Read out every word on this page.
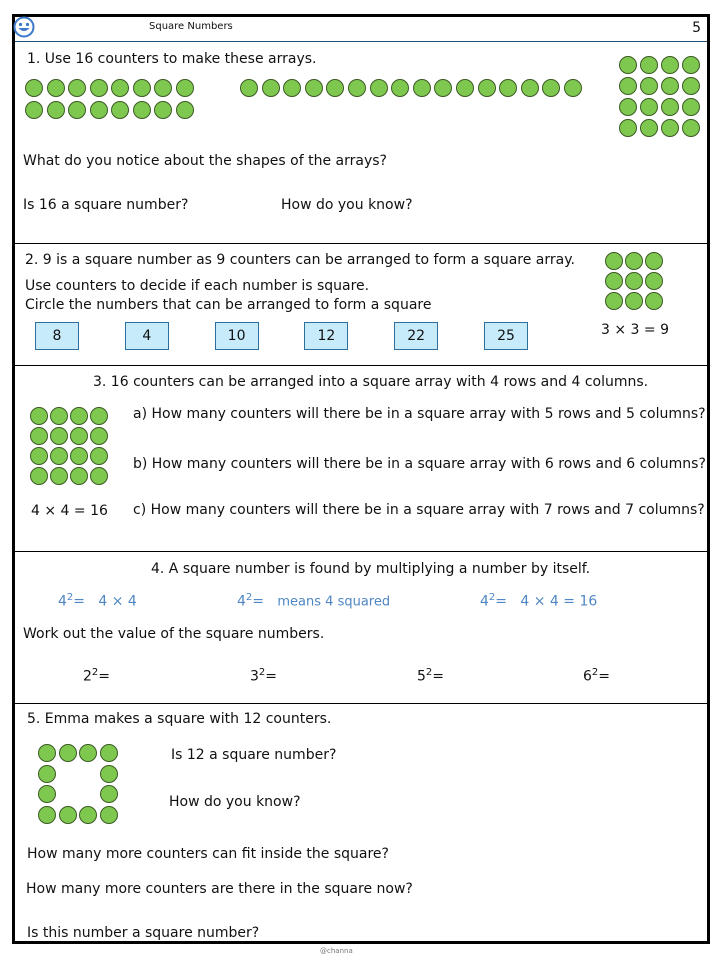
Square Numbers	5
1. Use 16 counters to make these arrays.
What do you notice about the shapes of the arrays?
Is 16 a square number?	How do you know?
2. 9 is a square number as 9 counters can be arranged to form a square array.
Use counters to decide if each number is square.
Circle the numbers that can be arranged to form a square
8	4	10	12	22	25	3 × 3 = 9
3. 16 counters can be arranged into a square array with 4 rows and 4 columns.
4 × 4 = 16
a) How many counters will there be in a square array with 5 rows and 5 columns?
b) How many counters will there be in a square array with 6 rows and 6 columns?
c) How many counters will there be in a square array with 7 rows and 7 columns?
4. A square number is found by multiplying a number by itself.
$4^2= 4 \times 4$	$4^2=$   means 4 squared	$4^2= 4 \times 4 = 16$
Work out the value of the square numbers.
$2^2=$	$3^2=$	$5^2=$	$6^2=$
5. Emma makes a square with 12 counters.
Is 12 a square number?
How do you know?
How many more counters can fit inside the square?
How many more counters are there in the square now?
Is this number a square number?
@channa
